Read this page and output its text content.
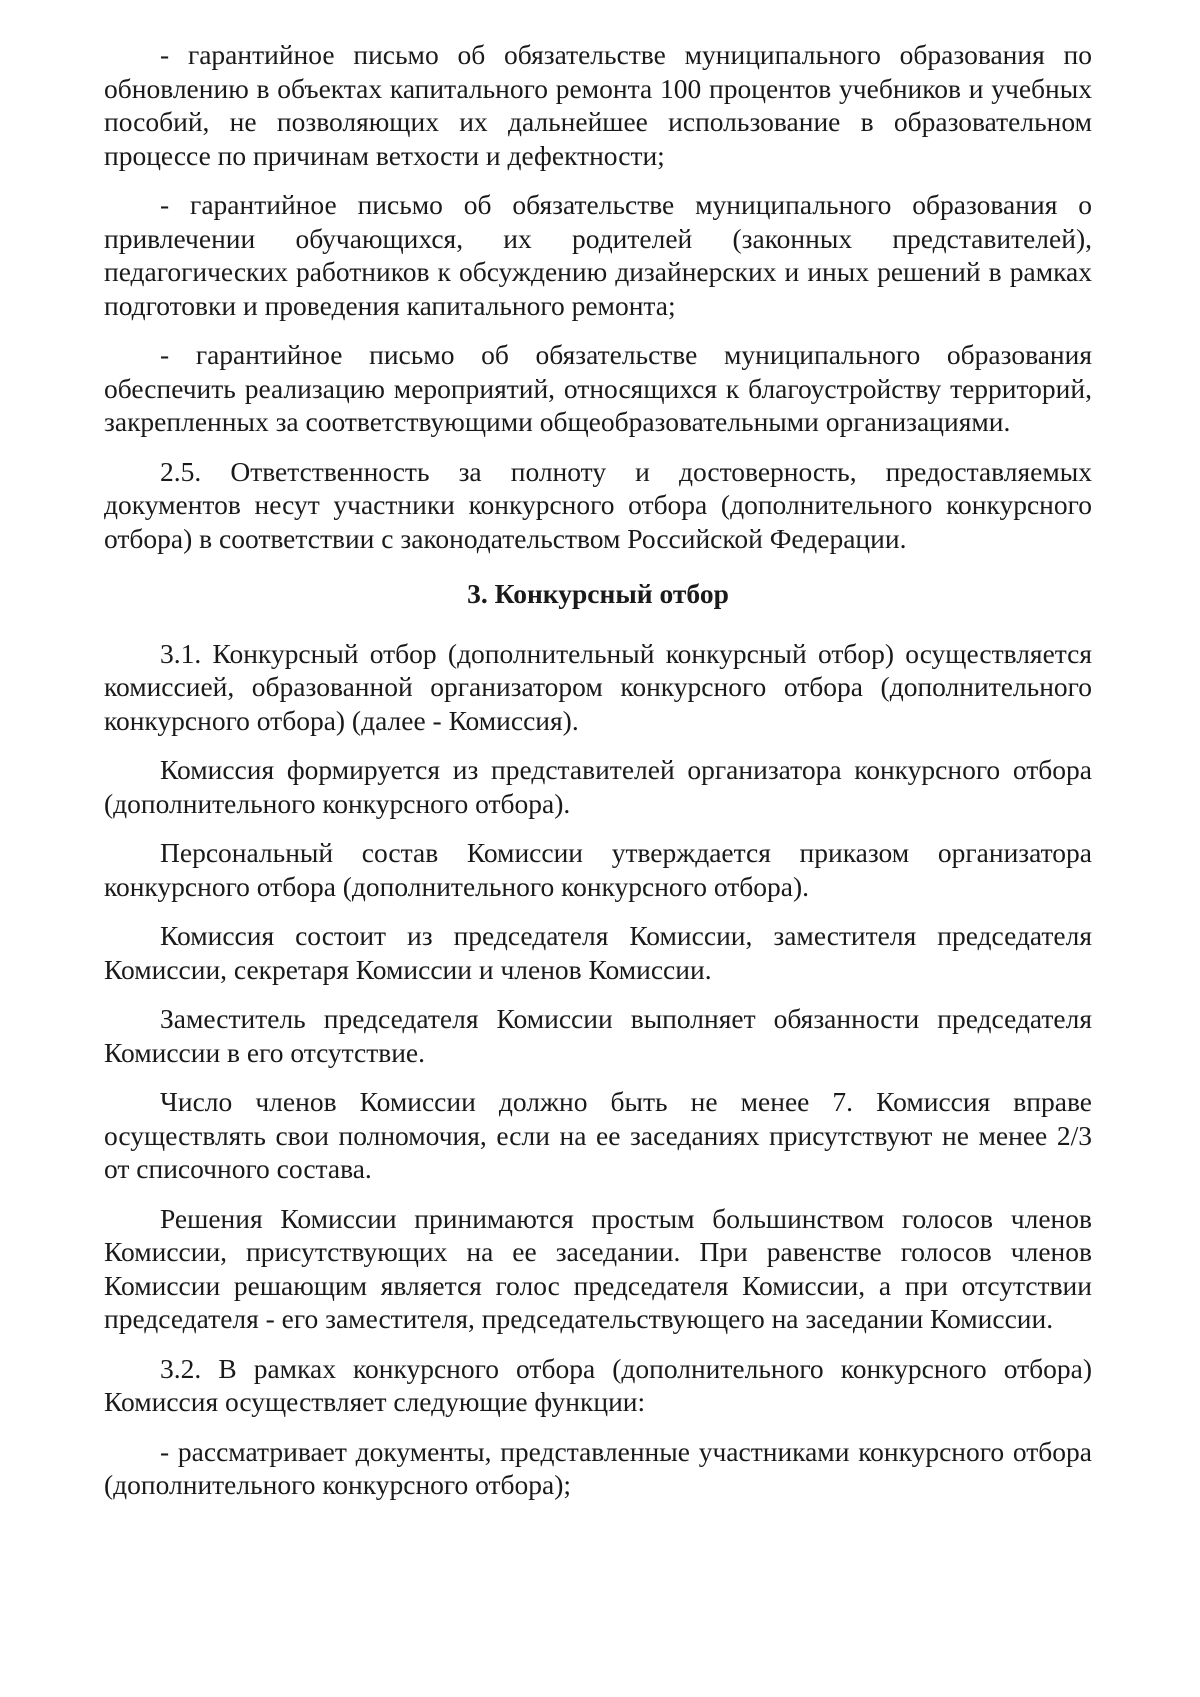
- гарантийное письмо об обязательстве муниципального образования по обновлению в объектах капитального ремонта 100 процентов учебников и учебных пособий, не позволяющих их дальнейшее использование в образовательном процессе по причинам ветхости и дефектности;

- гарантийное письмо об обязательстве муниципального образования о привлечении обучающихся, их родителей (законных представителей), педагогических работников к обсуждению дизайнерских и иных решений в рамках подготовки и проведения капитального ремонта;

- гарантийное письмо об обязательстве муниципального образования обеспечить реализацию мероприятий, относящихся к благоустройству территорий, закрепленных за соответствующими общеобразовательными организациями.

2.5. Ответственность за полноту и достоверность, предоставляемых документов несут участники конкурсного отбора (дополнительного конкурсного отбора) в соответствии с законодательством Российской Федерации.

3. Конкурсный отбор

3.1. Конкурсный отбор (дополнительный конкурсный отбор) осуществляется комиссией, образованной организатором конкурсного отбора (дополнительного конкурсного отбора) (далее - Комиссия).

Комиссия формируется из представителей организатора конкурсного отбора (дополнительного конкурсного отбора).

Персональный состав Комиссии утверждается приказом организатора конкурсного отбора (дополнительного конкурсного отбора).

Комиссия состоит из председателя Комиссии, заместителя председателя Комиссии, секретаря Комиссии и членов Комиссии.

Заместитель председателя Комиссии выполняет обязанности председателя Комиссии в его отсутствие.

Число членов Комиссии должно быть не менее 7. Комиссия вправе осуществлять свои полномочия, если на ее заседаниях присутствуют не менее 2/3 от списочного состава.

Решения Комиссии принимаются простым большинством голосов членов Комиссии, присутствующих на ее заседании. При равенстве голосов членов Комиссии решающим является голос председателя Комиссии, а при отсутствии председателя - его заместителя, председательствующего на заседании Комиссии.

3.2. В рамках конкурсного отбора (дополнительного конкурсного отбора) Комиссия осуществляет следующие функции:

- рассматривает документы, представленные участниками конкурсного отбора (дополнительного конкурсного отбора);
